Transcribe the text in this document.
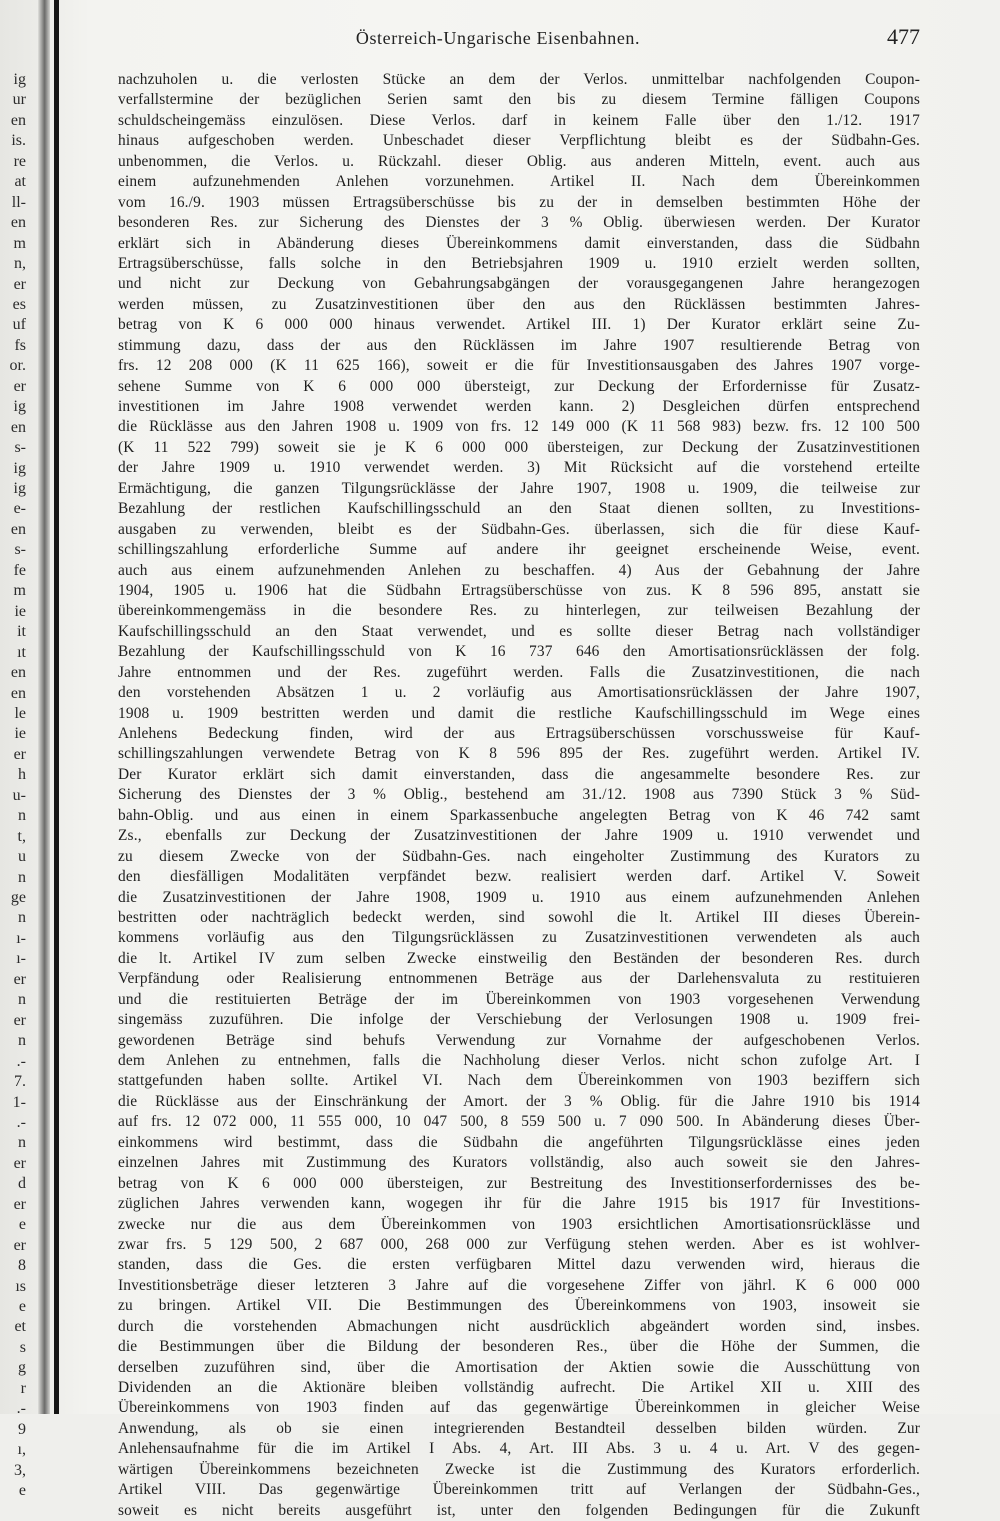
ig
ur
en
is.
re
at
ll-
en
m
n,
er
es
uf
fs
or.
er
ig
en
s-
ig
ig
e-
en
s-
fe
m
ie
it
ıt
en
en
le
ie
er
h
u-
n
t,
u
n
ge
n
ı-
ı-
er
n
er
n
.-
7.
1-
.-
n
er
d
er
e
er
8
ıs
e
et
s
g
r
.-
9
ı,
3,
e
Österreich-Ungarische Eisenbahnen.	477
nachzuholen u. die verlosten Stücke an dem der Verlos. unmittelbar nachfolgenden Coupon-
verfallstermine der bezüglichen Serien samt den bis zu diesem Termine fälligen Coupons
schuldscheingemäss einzulösen. Diese Verlos. darf in keinem Falle über den 1./12. 1917
hinaus aufgeschoben werden. Unbeschadet dieser Verpflichtung bleibt es der Südbahn-Ges.
unbenommen, die Verlos. u. Rückzahl. dieser Oblig. aus anderen Mitteln, event. auch aus
einem aufzunehmenden Anlehen vorzunehmen. Artikel II. Nach dem Übereinkommen
vom 16./9. 1903 müssen Ertragsüberschüsse bis zu der in demselben bestimmten Höhe der
besonderen Res. zur Sicherung des Dienstes der 3 % Oblig. überwiesen werden. Der Kurator
erklärt sich in Abänderung dieses Übereinkommens damit einverstanden, dass die Südbahn
Ertragsüberschüsse, falls solche in den Betriebsjahren 1909 u. 1910 erzielt werden sollten,
und nicht zur Deckung von Gebahrungsabgängen der vorausgegangenen Jahre herangezogen
werden müssen, zu Zusatzinvestitionen über den aus den Rücklässen bestimmten Jahres-
betrag von K 6 000 000 hinaus verwendet. Artikel III. 1) Der Kurator erklärt seine Zu-
stimmung dazu, dass der aus den Rücklässen im Jahre 1907 resultierende Betrag von
frs. 12 208 000 (K 11 625 166), soweit er die für Investitionsausgaben des Jahres 1907 vorge-
sehene Summe von K 6 000 000 übersteigt, zur Deckung der Erfordernisse für Zusatz-
investitionen im Jahre 1908 verwendet werden kann. 2) Desgleichen dürfen entsprechend
die Rücklässe aus den Jahren 1908 u. 1909 von frs. 12 149 000 (K 11 568 983) bezw. frs. 12 100 500
(K 11 522 799) soweit sie je K 6 000 000 übersteigen, zur Deckung der Zusatzinvestitionen
der Jahre 1909 u. 1910 verwendet werden. 3) Mit Rücksicht auf die vorstehend erteilte
Ermächtigung, die ganzen Tilgungsrücklässe der Jahre 1907, 1908 u. 1909, die teilweise zur
Bezahlung der restlichen Kaufschillingsschuld an den Staat dienen sollten, zu Investitions-
ausgaben zu verwenden, bleibt es der Südbahn-Ges. überlassen, sich die für diese Kauf-
schillingszahlung erforderliche Summe auf andere ihr geeignet erscheinende Weise, event.
auch aus einem aufzunehmenden Anlehen zu beschaffen. 4) Aus der Gebahnung der Jahre
1904, 1905 u. 1906 hat die Südbahn Ertragsüberschüsse von zus. K 8 596 895, anstatt sie
übereinkommengemäss in die besondere Res. zu hinterlegen, zur teilweisen Bezahlung der
Kaufschillingsschuld an den Staat verwendet, und es sollte dieser Betrag nach vollständiger
Bezahlung der Kaufschillingsschuld von K 16 737 646 den Amortisationsrücklässen der folg.
Jahre entnommen und der Res. zugeführt werden. Falls die Zusatzinvestitionen, die nach
den vorstehenden Absätzen 1 u. 2 vorläufig aus Amortisationsrücklässen der Jahre 1907,
1908 u. 1909 bestritten werden und damit die restliche Kaufschillingsschuld im Wege eines
Anlehens Bedeckung finden, wird der aus Ertragsüberschüssen vorschussweise für Kauf-
schillingszahlungen verwendete Betrag von K 8 596 895 der Res. zugeführt werden. Artikel IV.
Der Kurator erklärt sich damit einverstanden, dass die angesammelte besondere Res. zur
Sicherung des Dienstes der 3 % Oblig., bestehend am 31./12. 1908 aus 7390 Stück 3 % Süd-
bahn-Oblig. und aus einen in einem Sparkassenbuche angelegten Betrag von K 46 742 samt
Zs., ebenfalls zur Deckung der Zusatzinvestitionen der Jahre 1909 u. 1910 verwendet und
zu diesem Zwecke von der Südbahn-Ges. nach eingeholter Zustimmung des Kurators zu
den diesfälligen Modalitäten verpfändet bezw. realisiert werden darf. Artikel V. Soweit
die Zusatzinvestitionen der Jahre 1908, 1909 u. 1910 aus einem aufzunehmenden Anlehen
bestritten oder nachträglich bedeckt werden, sind sowohl die lt. Artikel III dieses Überein-
kommens vorläufig aus den Tilgungsrücklässen zu Zusatzinvestitionen verwendeten als auch
die lt. Artikel IV zum selben Zwecke einstweilig den Beständen der besonderen Res. durch
Verpfändung oder Realisierung entnommenen Beträge aus der Darlehensvaluta zu restituieren
und die restituierten Beträge der im Übereinkommen von 1903 vorgesehenen Verwendung
singemäss zuzuführen. Die infolge der Verschiebung der Verlosungen 1908 u. 1909 frei-
gewordenen Beträge sind behufs Verwendung zur Vornahme der aufgeschobenen Verlos.
dem Anlehen zu entnehmen, falls die Nachholung dieser Verlos. nicht schon zufolge Art. I
stattgefunden haben sollte. Artikel VI. Nach dem Übereinkommen von 1903 beziffern sich
die Rücklässe aus der Einschränkung der Amort. der 3 % Oblig. für die Jahre 1910 bis 1914
auf frs. 12 072 000, 11 555 000, 10 047 500, 8 559 500 u. 7 090 500. In Abänderung dieses Über-
einkommens wird bestimmt, dass die Südbahn die angeführten Tilgungsrücklässe eines jeden
einzelnen Jahres mit Zustimmung des Kurators vollständig, also auch soweit sie den Jahres-
betrag von K 6 000 000 übersteigen, zur Bestreitung des Investitionserfordernisses des be-
züglichen Jahres verwenden kann, wogegen ihr für die Jahre 1915 bis 1917 für Investitions-
zwecke nur die aus dem Übereinkommen von 1903 ersichtlichen Amortisationsrücklässe und
zwar frs. 5 129 500, 2 687 000, 268 000 zur Verfügung stehen werden. Aber es ist wohlver-
standen, dass die Ges. die ersten verfügbaren Mittel dazu verwenden wird, hieraus die
Investitionsbeträge dieser letzteren 3 Jahre auf die vorgesehene Ziffer von jährl. K 6 000 000
zu bringen. Artikel VII. Die Bestimmungen des Übereinkommens von 1903, insoweit sie
durch die vorstehenden Abmachungen nicht ausdrücklich abgeändert worden sind, insbes.
die Bestimmungen über die Bildung der besonderen Res., über die Höhe der Summen, die
derselben zuzuführen sind, über die Amortisation der Aktien sowie die Ausschüttung von
Dividenden an die Aktionäre bleiben vollständig aufrecht. Die Artikel XII u. XIII des
Übereinkommens von 1903 finden auf das gegenwärtige Übereinkommen in gleicher Weise
Anwendung, als ob sie einen integrierenden Bestandteil desselben bilden würden. Zur
Anlehensaufnahme für die im Artikel I Abs. 4, Art. III Abs. 3 u. 4 u. Art. V des gegen-
wärtigen Übereinkommens bezeichneten Zwecke ist die Zustimmung des Kurators erforderlich.
Artikel VIII. Das gegenwärtige Übereinkommen tritt auf Verlangen der Südbahn-Ges.,
soweit es nicht bereits ausgeführt ist, unter den folgenden Bedingungen für die Zukunft
